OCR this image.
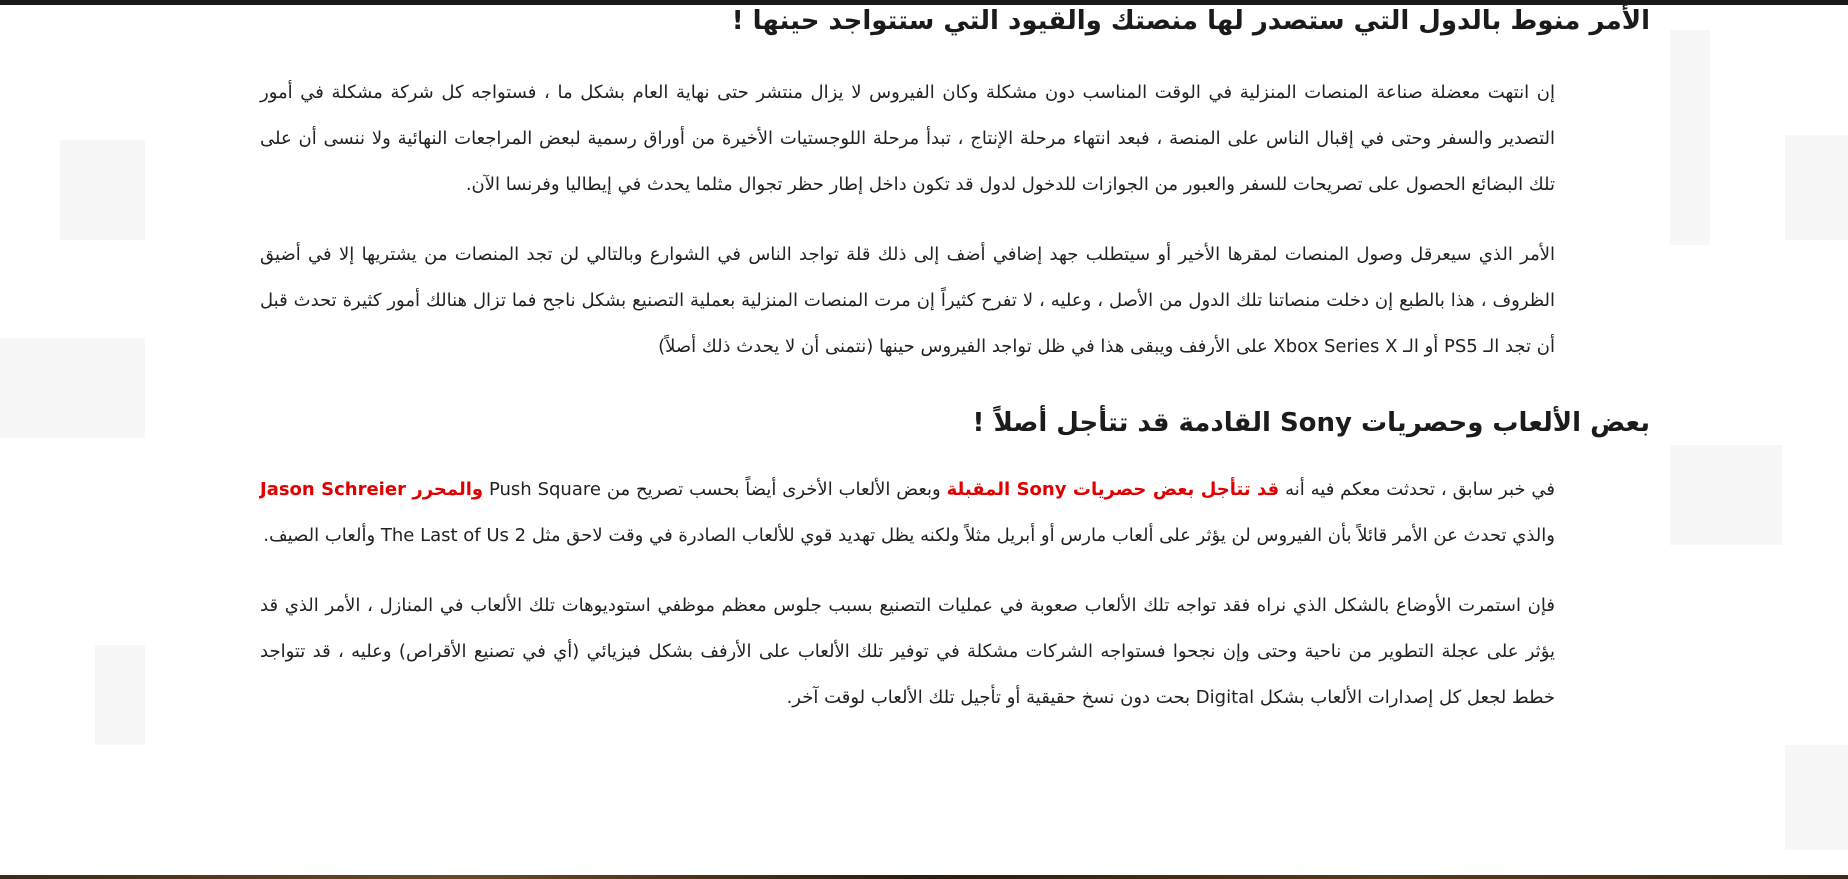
الأمر منوط بالدول التي ستصدر لها منصتك والقيود التي ستتواجد حينها !

إن انتهت معضلة صناعة المنصات المنزلية في الوقت المناسب دون مشكلة وكان الفيروس لا يزال منتشر حتى نهاية العام بشكل ما ، فستواجه كل شركة مشكلة في أمور التصدير والسفر وحتى في إقبال الناس على المنصة ، فبعد انتهاء مرحلة الإنتاج ، تبدأ مرحلة اللوجستيات الأخيرة من أوراق رسمية لبعض المراجعات النهائية ولا ننسى أن على تلك البضائع الحصول على تصريحات للسفر والعبور من الجوازات للدخول لدول قد تكون داخل إطار حظر تجوال مثلما يحدث في إيطاليا وفرنسا الآن.

الأمر الذي سيعرقل وصول المنصات لمقرها الأخير أو سيتطلب جهد إضافي أضف إلى ذلك قلة تواجد الناس في الشوارع وبالتالي لن تجد المنصات من يشتريها إلا في أضيق الظروف ، هذا بالطبع إن دخلت منصاتنا تلك الدول من الأصل ، وعليه ، لا تفرح كثيراً إن مرت المنصات المنزلية بعملية التصنيع بشكل ناجح فما تزال هنالك أمور كثيرة تحدث قبل أن تجد الـ PS5 أو الـ Xbox Series X على الأرفف ويبقى هذا في ظل تواجد الفيروس حينها (نتمنى أن لا يحدث ذلك أصلاً)

بعض الألعاب وحصريات Sony القادمة قد تتأجل أصلاً !

في خبر سابق ، تحدثت معكم فيه أنه قد تتأجل بعض حصريات Sony المقبلة وبعض الألعاب الأخرى أيضاً بحسب تصريح من Push Square والمحرر Jason Schreier والذي تحدث عن الأمر قائلاً بأن الفيروس لن يؤثر على ألعاب مارس أو أبريل مثلاً ولكنه يظل تهديد قوي للألعاب الصادرة في وقت لاحق مثل The Last of Us 2 وألعاب الصيف.

فإن استمرت الأوضاع بالشكل الذي نراه فقد تواجه تلك الألعاب صعوبة في عمليات التصنيع بسبب جلوس معظم موظفي استوديوهات تلك الألعاب في المنازل ، الأمر الذي قد يؤثر على عجلة التطوير من ناحية وحتى وإن نجحوا فستواجه الشركات مشكلة في توفير تلك الألعاب على الأرفف بشكل فيزيائي (أي في تصنيع الأقراص) وعليه ، قد تتواجد خطط لجعل كل إصدارات الألعاب بشكل Digital بحت دون نسخ حقيقية أو تأجيل تلك الألعاب لوقت آخر.
